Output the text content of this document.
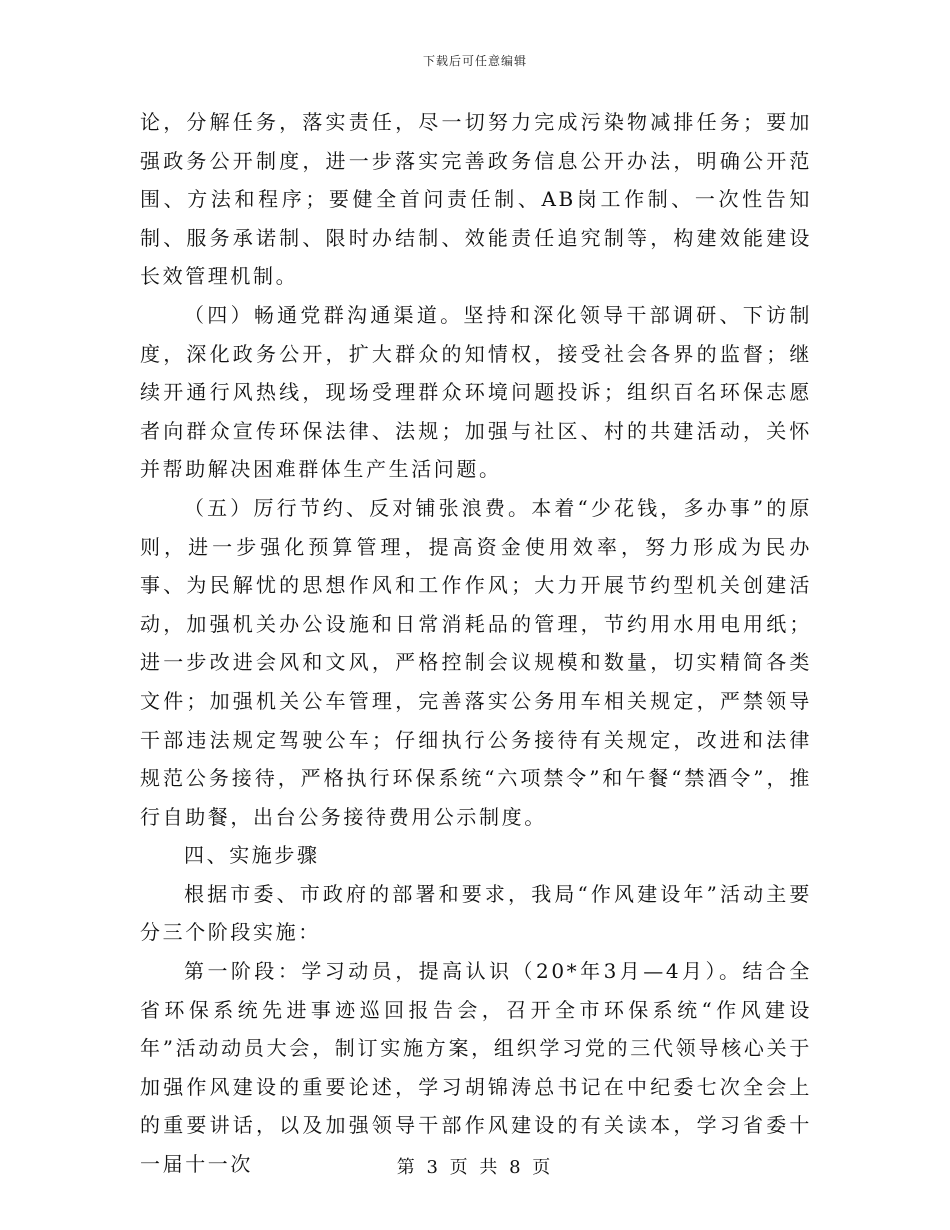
下载后可任意编辑

论，分解任务，落实责任，尽一切努力完成污染物减排任务；要加强政务公开制度，进一步落实完善政务信息公开办法，明确公开范围、方法和程序；要健全首问责任制、AB岗工作制、一次性告知制、服务承诺制、限时办结制、效能责任追究制等，构建效能建设长效管理机制。

（四）畅通党群沟通渠道。坚持和深化领导干部调研、下访制度，深化政务公开，扩大群众的知情权，接受社会各界的监督；继续开通行风热线，现场受理群众环境问题投诉；组织百名环保志愿者向群众宣传环保法律、法规；加强与社区、村的共建活动，关怀并帮助解决困难群体生产生活问题。

（五）厉行节约、反对铺张浪费。本着“少花钱，多办事”的原则，进一步强化预算管理，提高资金使用效率，努力形成为民办事、为民解忧的思想作风和工作作风；大力开展节约型机关创建活动，加强机关办公设施和日常消耗品的管理，节约用水用电用纸；进一步改进会风和文风，严格控制会议规模和数量，切实精简各类文件；加强机关公车管理，完善落实公务用车相关规定，严禁领导干部违法规定驾驶公车；仔细执行公务接待有关规定，改进和法律规范公务接待，严格执行环保系统“六项禁令”和午餐“禁酒令”，推行自助餐，出台公务接待费用公示制度。

四、实施步骤

根据市委、市政府的部署和要求，我局“作风建设年”活动主要分三个阶段实施：

第一阶段：学习动员，提高认识（20*年3月—4月）。结合全省环保系统先进事迹巡回报告会，召开全市环保系统“作风建设年”活动动员大会，制订实施方案，组织学习党的三代领导核心关于加强作风建设的重要论述，学习胡锦涛总书记在中纪委七次全会上的重要讲话，以及加强领导干部作风建设的有关读本，学习省委十一届十一次	第 3 页 共 8 页
